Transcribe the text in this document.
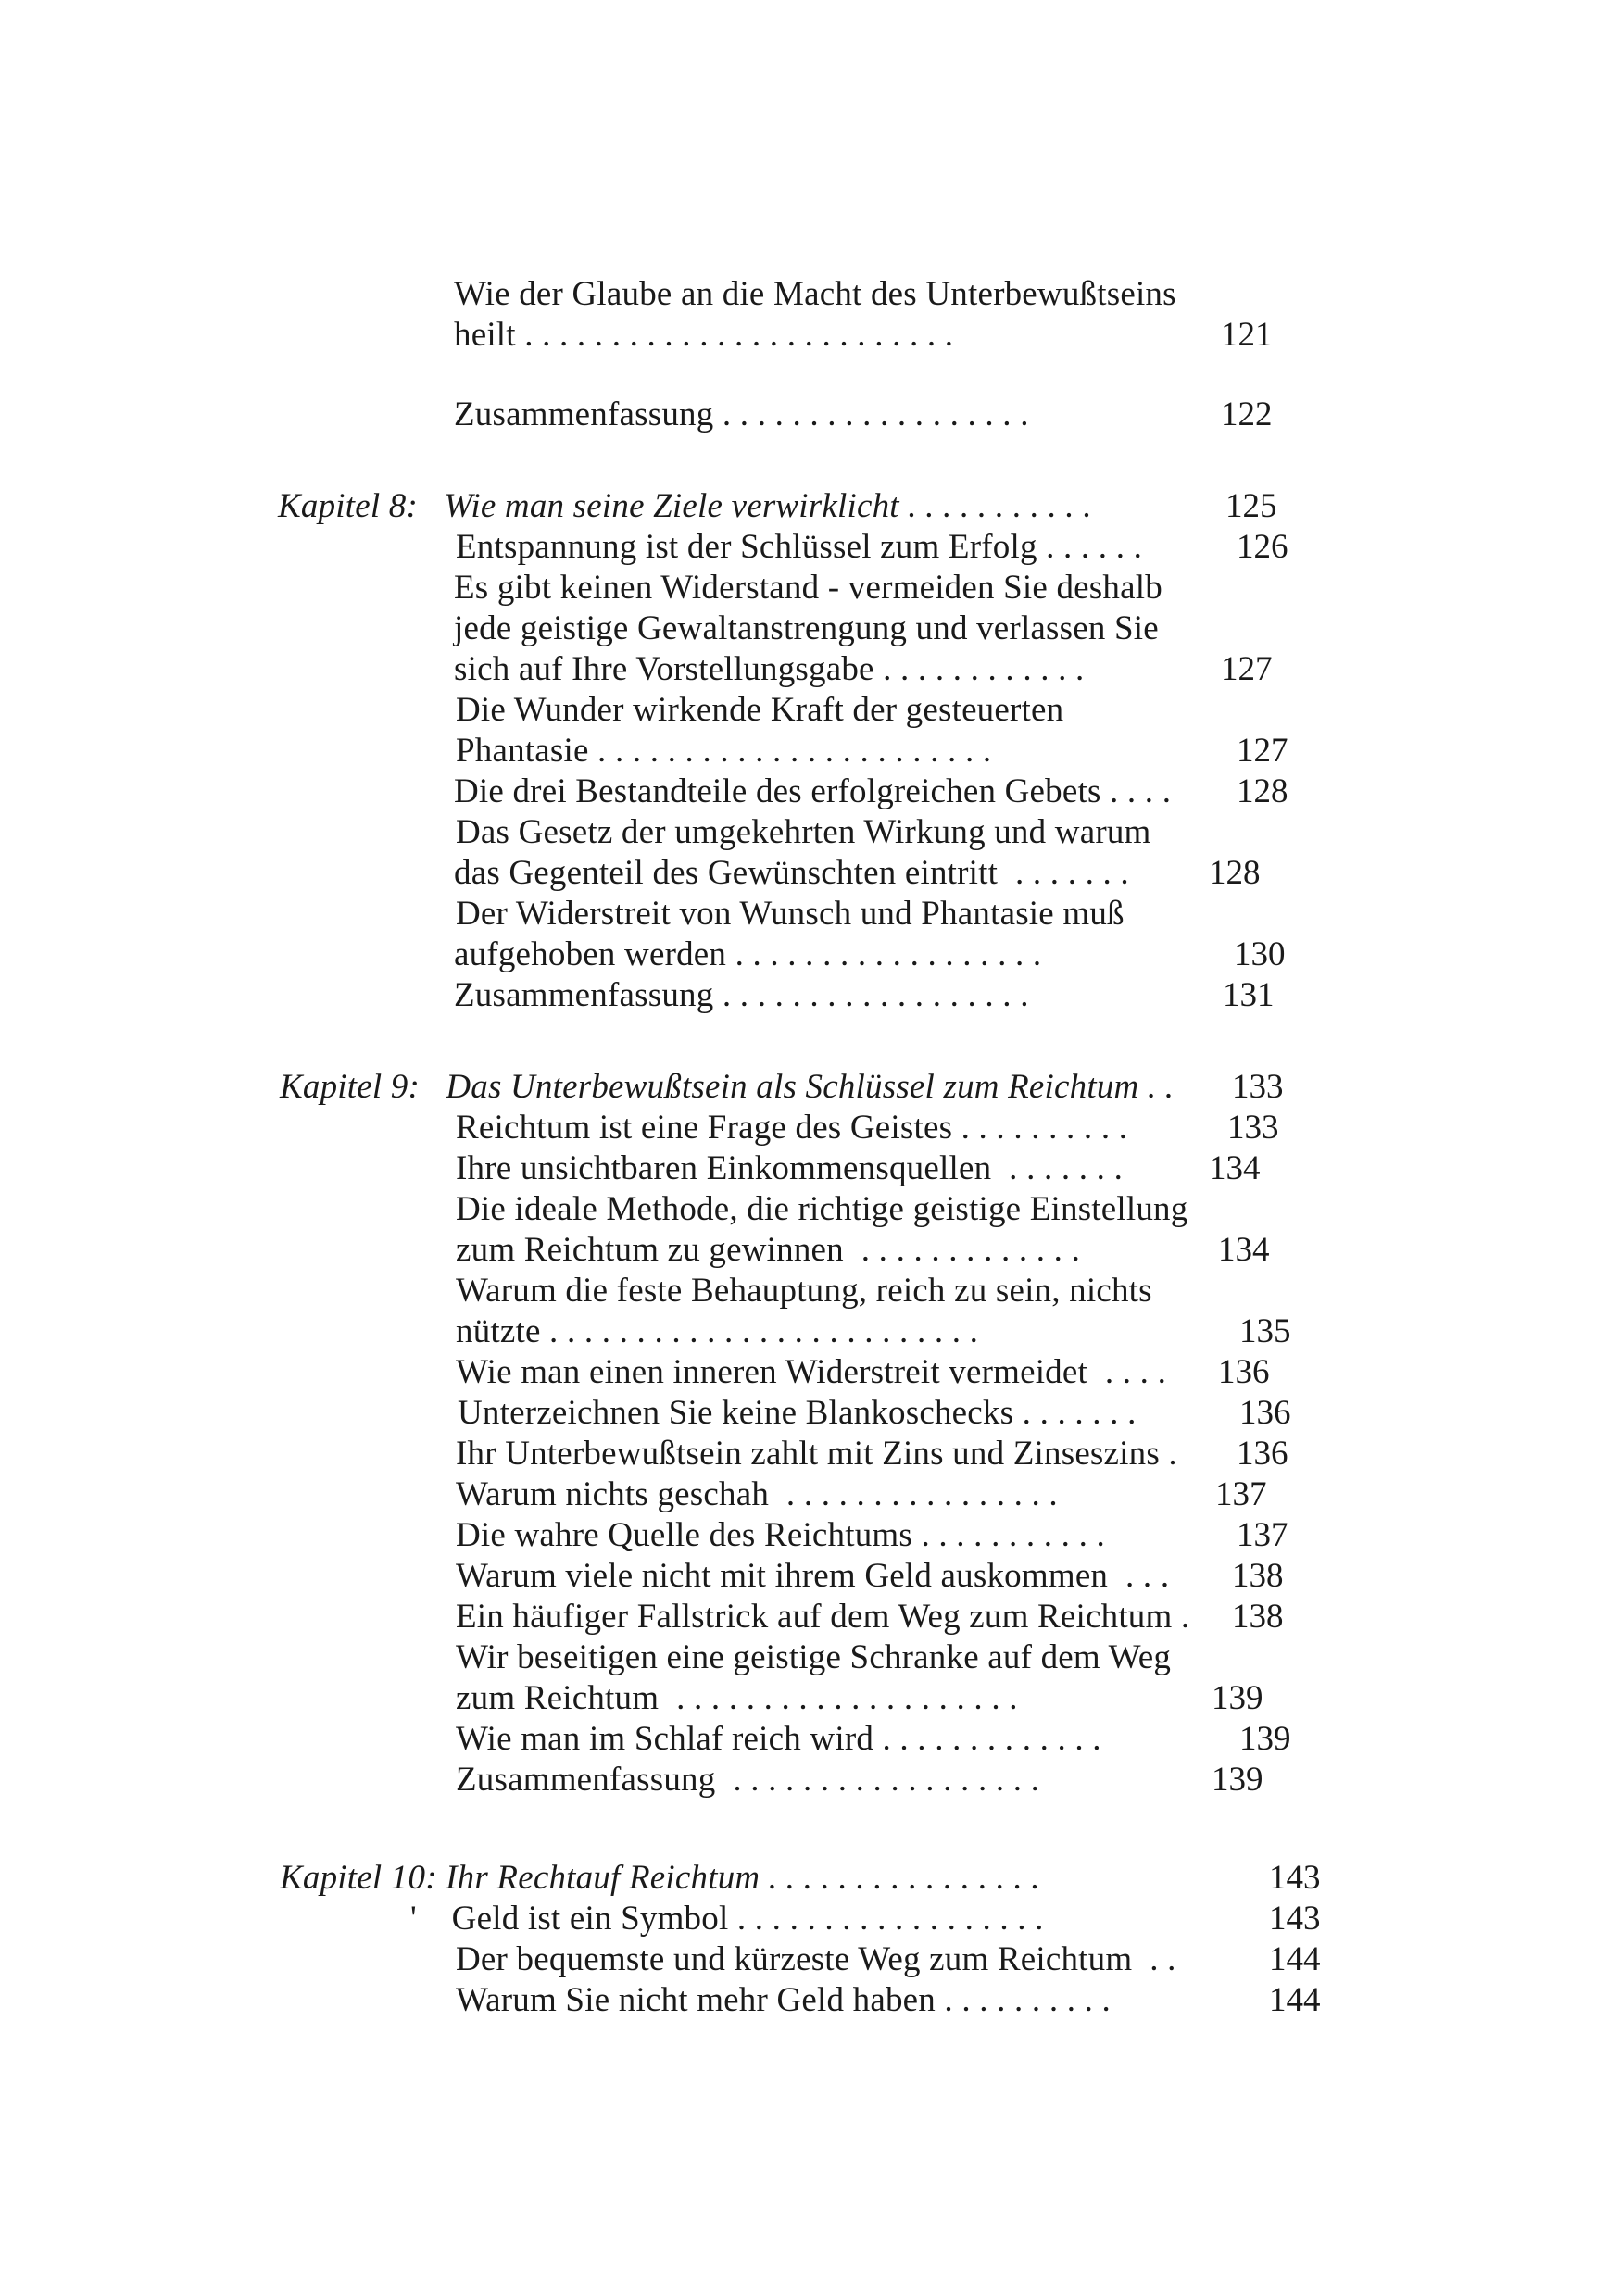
Wie der Glaube an die Macht des Unterbewußtseins
heilt . . . . . . . . . . . . . . . . . . . . . . . . .	121
Zusammenfassung . . . . . . . . . . . . . . . . . .	122
Kapitel 8:   Wie man seine Ziele verwirklicht . . . . . . . . . . .	125
Entspannung ist der Schlüssel zum Erfolg . . . . . .	126
Es gibt keinen Widerstand - vermeiden Sie deshalb
jede geistige Gewaltanstrengung und verlassen Sie
sich auf Ihre Vorstellungsgabe . . . . . . . . . . . .	127
Die Wunder wirkende Kraft der gesteuerten
Phantasie . . . . . . . . . . . . . . . . . . . . . . .	127
Die drei Bestandteile des erfolgreichen Gebets . . . . 128
Das Gesetz der umgekehrten Wirkung und warum
das Gegenteil des Gewünschten eintritt  . . . . . . . 128
Der Widerstreit von Wunsch und Phantasie muß
aufgehoben werden . . . . . . . . . . . . . . . . . .	130
Zusammenfassung . . . . . . . . . . . . . . . . . .	131
Kapitel 9:   Das Unterbewußtsein als Schlüssel zum Reichtum . . 133
Reichtum ist eine Frage des Geistes . . . . . . . . . .	133
Ihre unsichtbaren Einkommensquellen  . . . . . . .	134
Die ideale Methode, die richtige geistige Einstellung
zum Reichtum zu gewinnen  . . . . . . . . . . . . .	134
Warum die feste Behauptung, reich zu sein, nichts
nützte . . . . . . . . . . . . . . . . . . . . . . . . .	135
Wie man einen inneren Widerstreit vermeidet  . . . . 136
Unterzeichnen Sie keine Blankoschecks . . . . . . .	136
Ihr Unterbewußtsein zahlt mit Zins und Zinseszins . 136
Warum nichts geschah  . . . . . . . . . . . . . . . .	137
Die wahre Quelle des Reichtums . . . . . . . . . . .	137
Warum viele nicht mit ihrem Geld auskommen  . . . 138
Ein häufiger Fallstrick auf dem Weg zum Reichtum . 138
Wir beseitigen eine geistige Schranke auf dem Weg
zum Reichtum  . . . . . . . . . . . . . . . . . . . .	139
Wie man im Schlaf reich wird . . . . . . . . . . . . .	139
Zusammenfassung  . . . . . . . . . . . . . . . . . .	139
Kapitel 10: Ihr Rechtauf Reichtum . . . . . . . . . . . . . . . .	143
'    Geld ist ein Symbol . . . . . . . . . . . . . . . . . .	143
Der bequemste und kürzeste Weg zum Reichtum  . .	144
Warum Sie nicht mehr Geld haben . . . . . . . . . .	144
